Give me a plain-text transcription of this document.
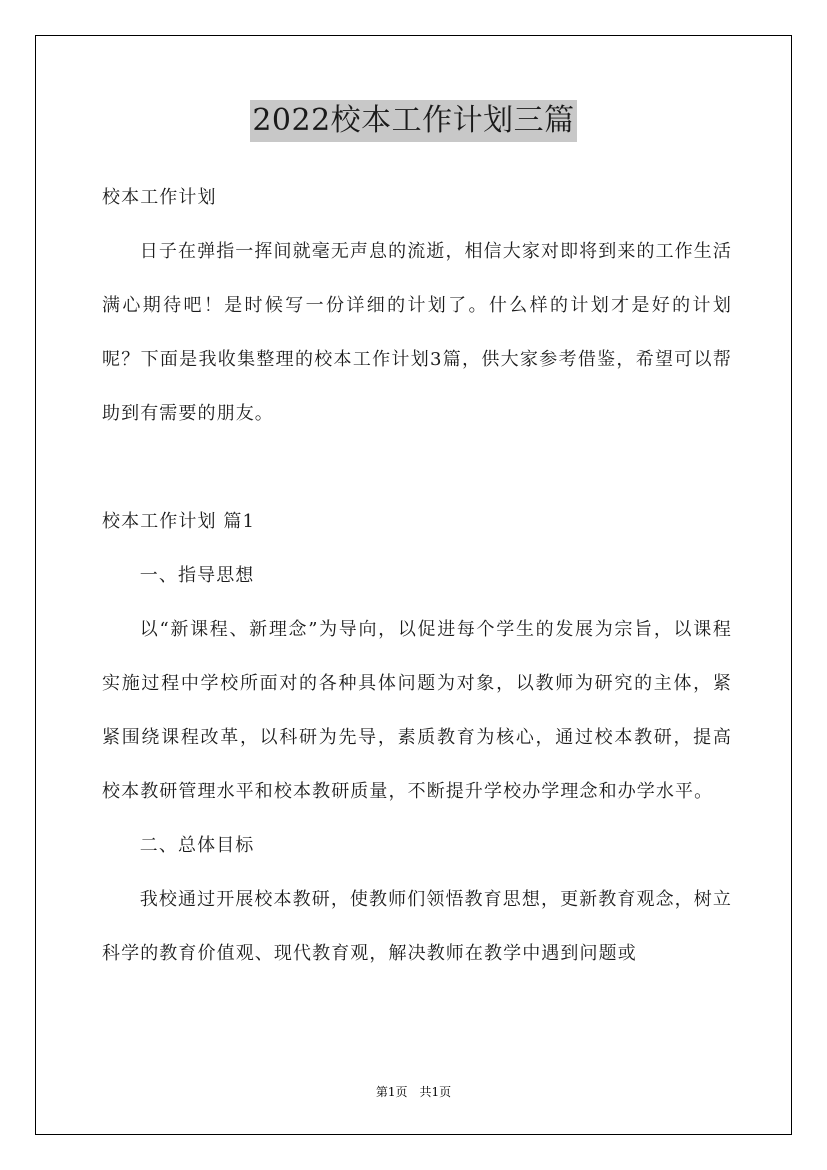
2022校本工作计划三篇

校本工作计划

日子在弹指一挥间就毫无声息的流逝，相信大家对即将到来的工作生活满心期待吧！是时候写一份详细的计划了。什么样的计划才是好的计划呢？下面是我收集整理的校本工作计划3篇，供大家参考借鉴，希望可以帮助到有需要的朋友。

校本工作计划 篇1

一、指导思想

以“新课程、新理念”为导向，以促进每个学生的发展为宗旨，以课程实施过程中学校所面对的各种具体问题为对象，以教师为研究的主体，紧紧围绕课程改革，以科研为先导，素质教育为核心，通过校本教研，提高校本教研管理水平和校本教研质量，不断提升学校办学理念和办学水平。

二、总体目标

我校通过开展校本教研，使教师们领悟教育思想，更新教育观念，树立科学的教育价值观、现代教育观，解决教师在教学中遇到问题或

第1页　共1页
